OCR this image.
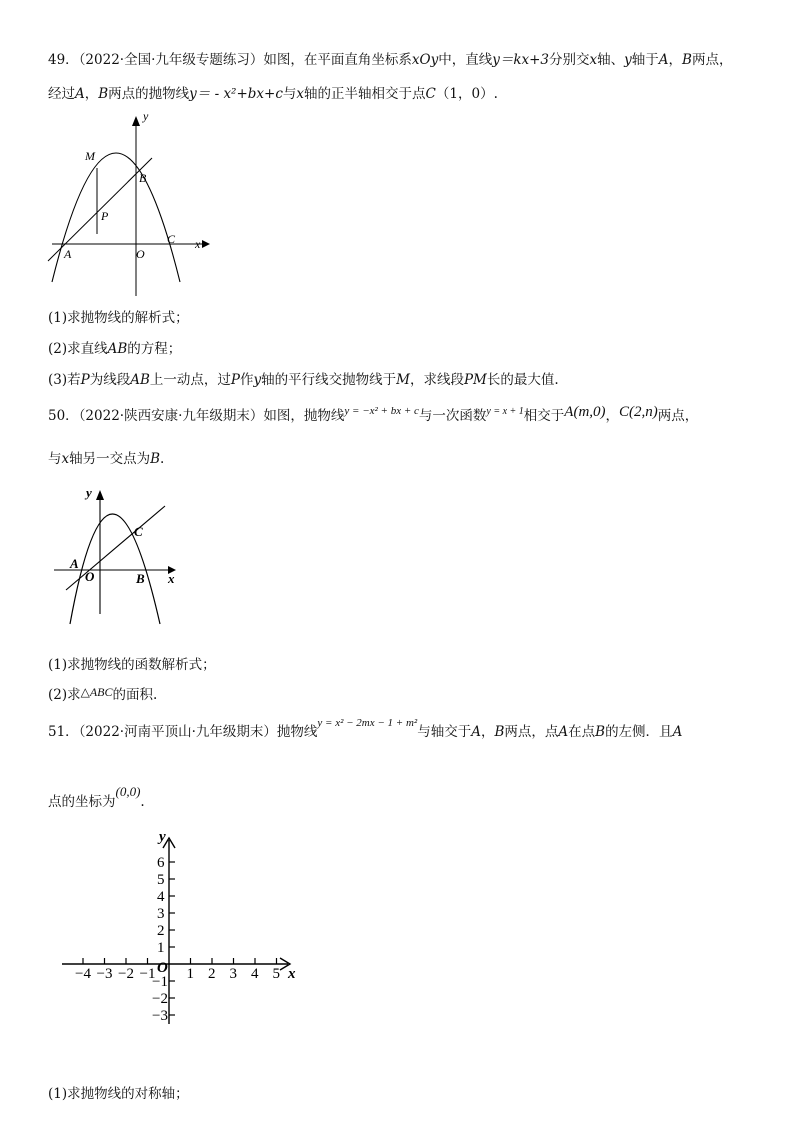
49．（2022·全国·九年级专题练习）如图，在平面直角坐标系xOy中，直线y＝kx+3分别交x轴、y轴于A，B两点，
经过A，B两点的抛物线y＝ - x²+bx+c与x轴的正半轴相交于点C（1，0）.
y
M
B
P
C x
A	O
(1)求抛物线的解析式；
(2)求直线AB的方程；
(3)若P为线段AB上一动点，过P作y轴的平行线交抛物线于M，求线段PM长的最大值.
50．（2022·陕西安康·九年级期末）如图，抛物线$^{y = -x^2 + bx + c}$与一次函数$^{y = x + 1}$相交于A(m,0)，C(2,n)两点，
与x轴另一交点为B.
y
C
A
O	B x
(1)求抛物线的函数解析式；
(2)求△ABC的面积.
51．（2022·河南平顶山·九年级期末）抛物线$^{y = x^2 - 2mx - 1 + m^2}$与轴交于A，B两点，点A在点B的左侧．且A
点的坐标为(0,0).
−4 −3 −2 −1 1 2 3 4 5
6
5
4
3
2
1
−1
−2
−3
y
x
O
(1)求抛物线的对称轴；
